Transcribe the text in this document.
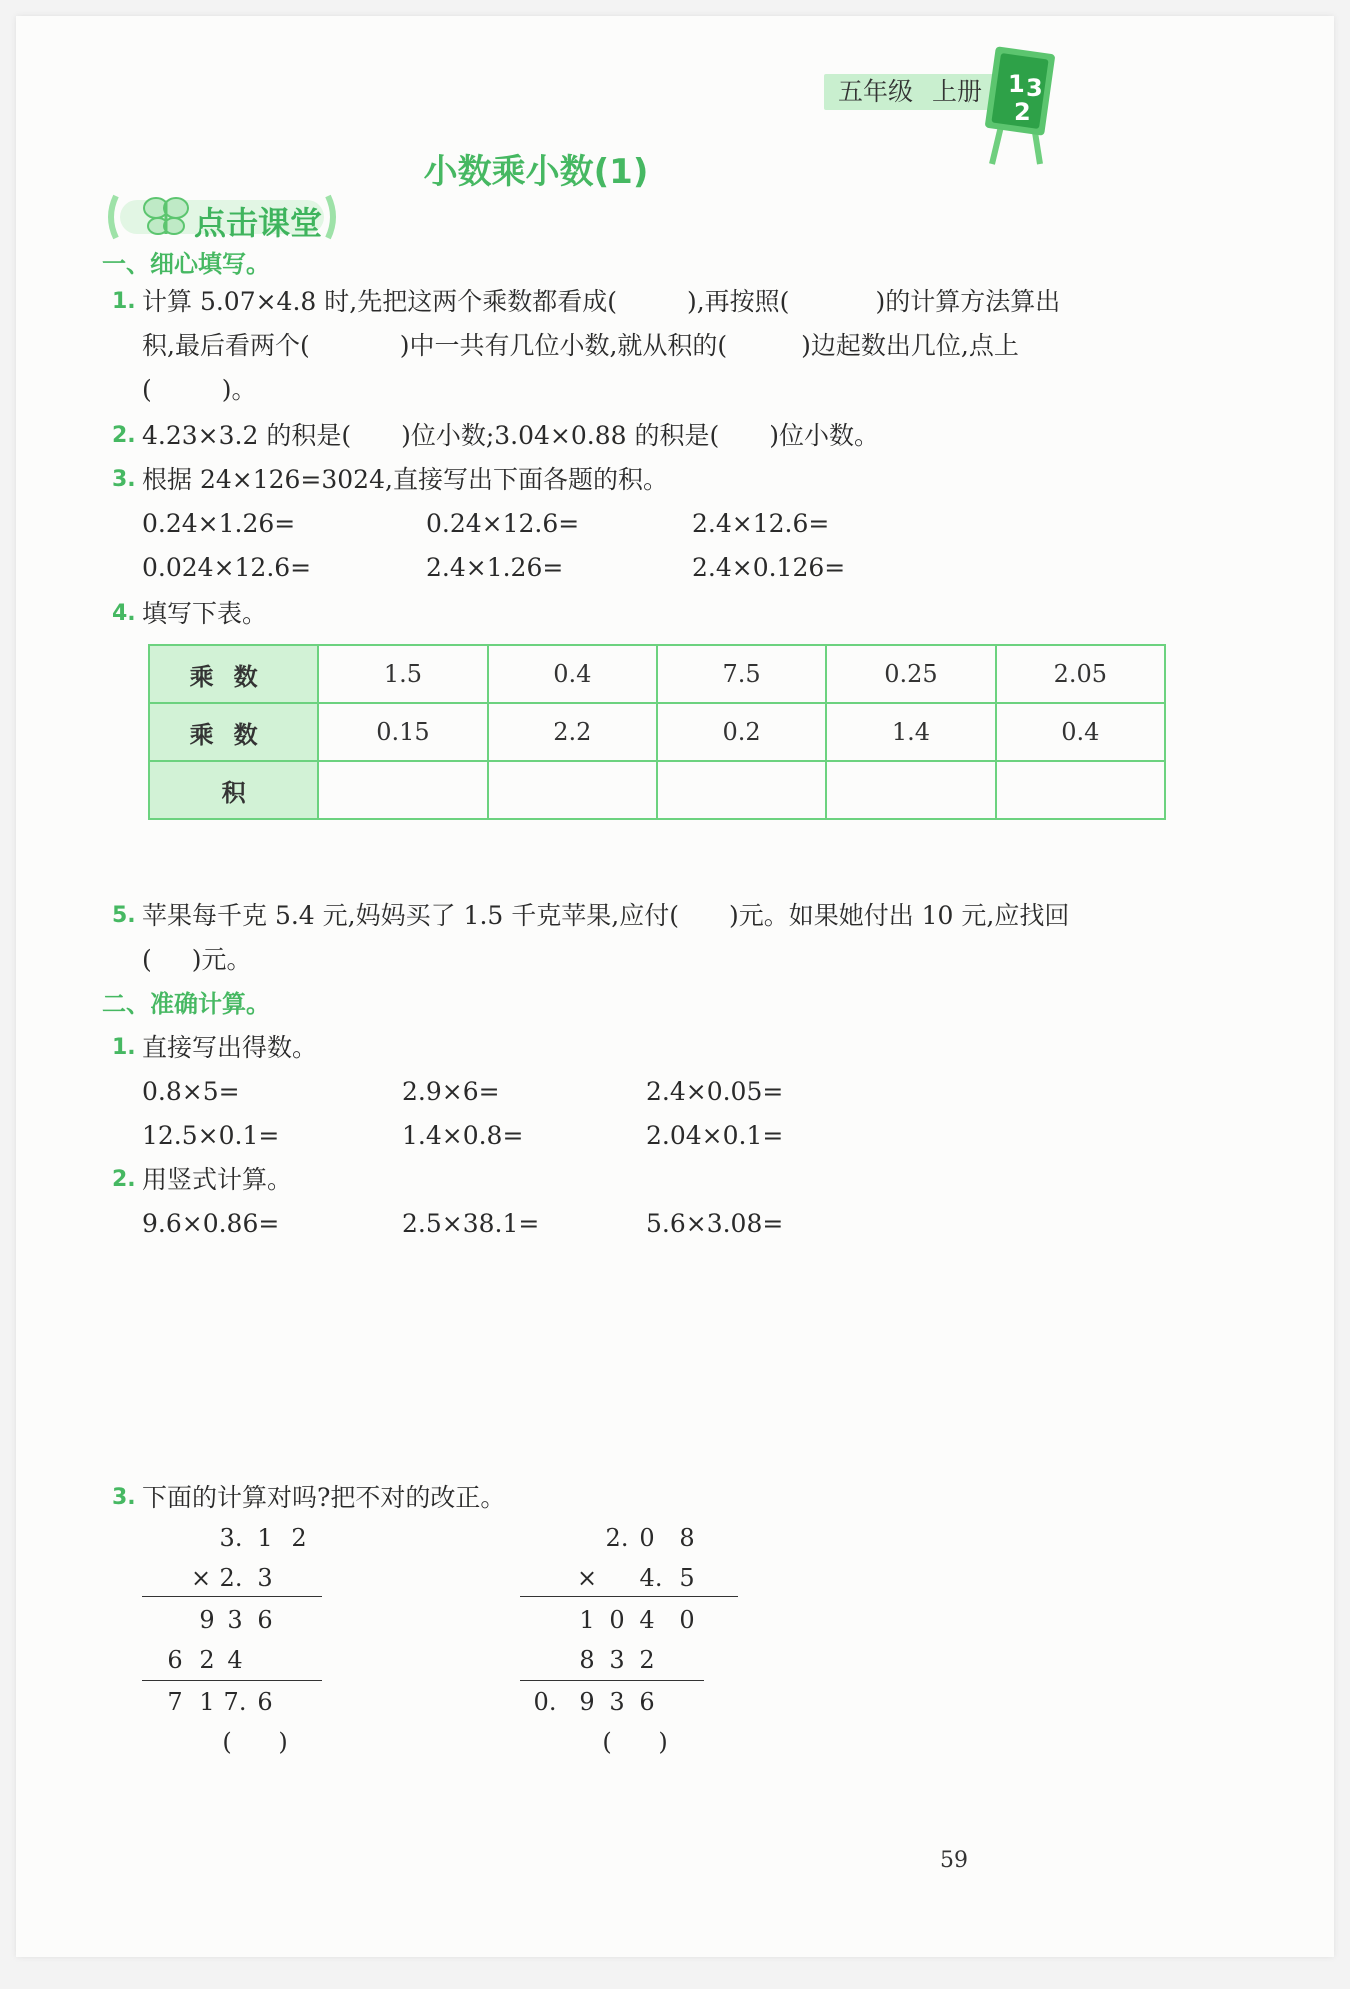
五年级 上册 1 3
2
小数乘小数(1)
点击课堂
一、细心填写。
1. 计算 5.07×4.8 时,先把这两个乘数都看成(	),再按照(	)的计算方法算出
积,最后看两个(	)中一共有几位小数,就从积的(	)边起数出几位,点上
(	)。
2. 4.23×3.2 的积是( )位小数;3.04×0.88 的积是( )位小数。
3. 根据 24×126=3024,直接写出下面各题的积。
0.24×1.26=	0.24×12.6=	2.4×12.6=
0.024×12.6=	2.4×1.26=	2.4×0.126=
4. 填写下表。
乘数	1.5	0.4	7.5	0.25	2.05
乘数	0.15	2.2	0.2	1.4	0.4
积					
5. 苹果每千克 5.4 元,妈妈买了 1.5 千克苹果,应付( )元。如果她付出 10 元,应找回
( )元。
二、准确计算。
1. 直接写出得数。
0.8×5=	2.9×6=	2.4×0.05=
12.5×0.1=	1.4×0.8=	2.04×0.1=
2. 用竖式计算。
9.6×0.86=	2.5×38.1=	5.6×3.08=
3. 下面的计算对吗?把不对的改正。
3. 1 2
× 2. 3
9 3 6
6 2 4
7 1 7. 6
(	)
2. 0	8
× 4. 5
1 0 4	0
8 3 2
0. 9 3 6
(	)
59
